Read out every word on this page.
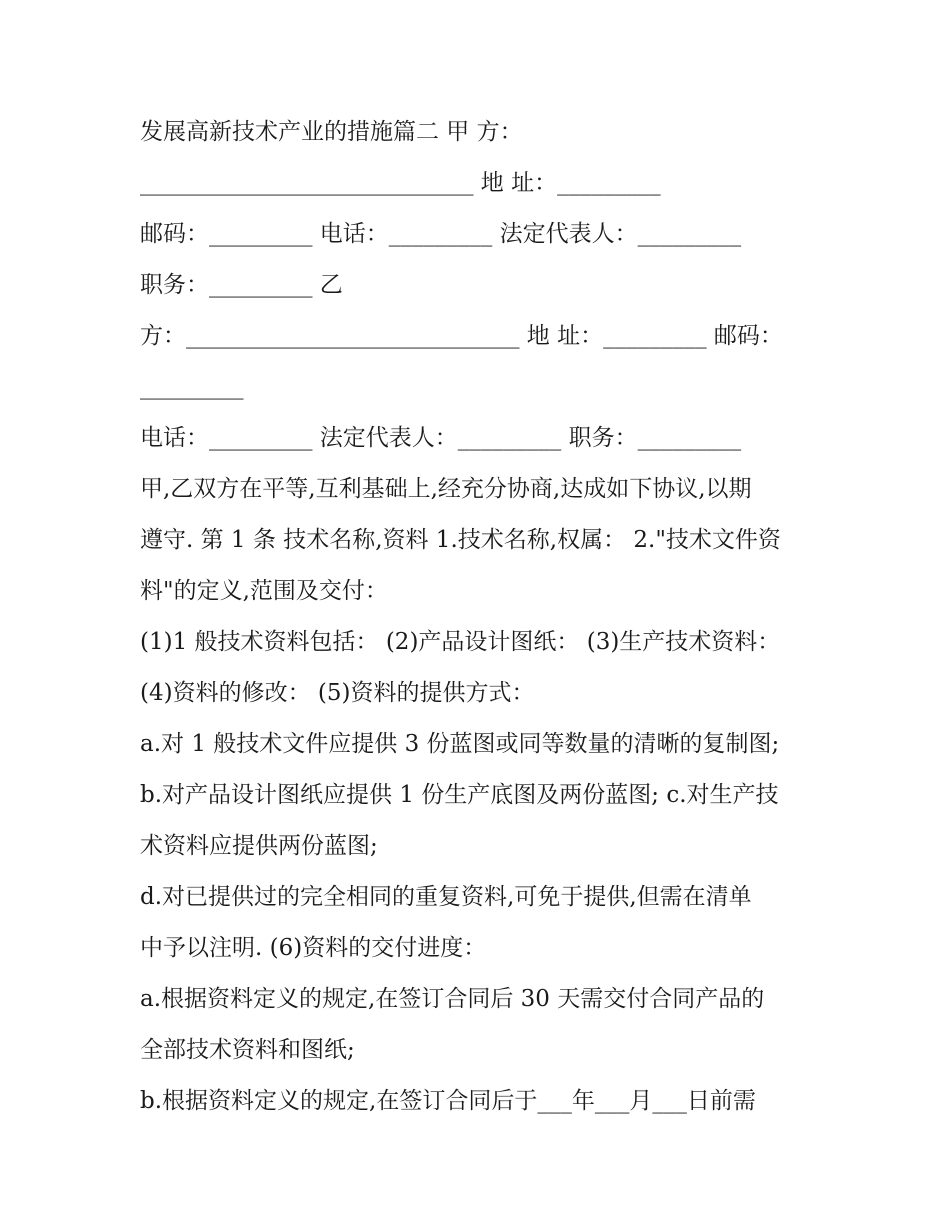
发展高新技术产业的措施篇二 甲 方：
_____________________________ 地 址：_________
邮码：_________ 电话：_________ 法定代表人：_________
职务：_________ 乙
方：_____________________________ 地 址：_________ 邮码：
_________
电话：_________ 法定代表人：_________ 职务：_________
甲,乙双方在平等,互利基础上,经充分协商,达成如下协议,以期
遵守. 第 1 条 技术名称,资料 1.技术名称,权属： 2."技术文件资
料"的定义,范围及交付：
(1)1 般技术资料包括： (2)产品设计图纸： (3)生产技术资料：
(4)资料的修改： (5)资料的提供方式：
a.对 1 般技术文件应提供 3 份蓝图或同等数量的清晰的复制图;
b.对产品设计图纸应提供 1 份生产底图及两份蓝图; c.对生产技
术资料应提供两份蓝图;
d.对已提供过的完全相同的重复资料,可免于提供,但需在清单
中予以注明. (6)资料的交付进度：
a.根据资料定义的规定,在签订合同后 30 天需交付合同产品的
全部技术资料和图纸;
b.根据资料定义的规定,在签订合同后于___年___月___日前需
